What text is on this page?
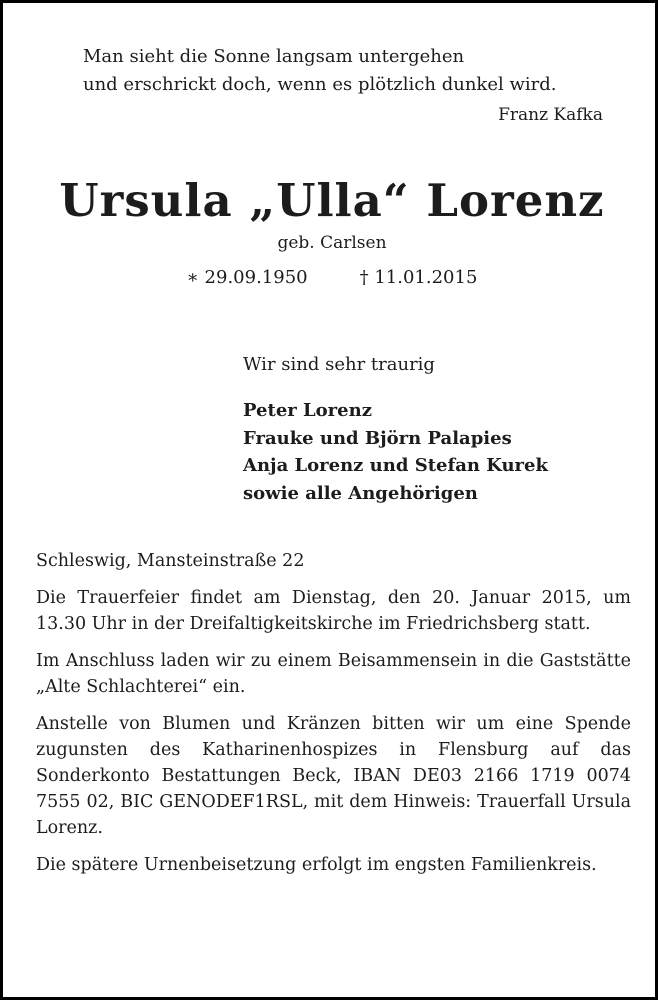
Man sieht die Sonne langsam untergehen
und erschrickt doch, wenn es plötzlich dunkel wird.
Franz Kafka
Ursula „Ulla“ Lorenz
geb. Carlsen
∗ 29.09.1950	† 11.01.2015
Wir sind sehr traurig
Peter Lorenz
Frauke und Björn Palapies
Anja Lorenz und Stefan Kurek
sowie alle Angehörigen

Schleswig, Mansteinstraße 22

Die Trauerfeier findet am Dienstag, den 20. Januar 2015, um 13.30 Uhr in der Dreifaltigkeitskirche im Friedrichsberg statt.

Im Anschluss laden wir zu einem Beisammensein in die Gaststätte „Alte Schlachterei“ ein.

Anstelle von Blumen und Kränzen bitten wir um eine Spende zugunsten des Katharinenhospizes in Flensburg auf das Sonderkonto Bestattungen Beck, IBAN DE03 2166 1719 0074 7555 02, BIC GENODEF1RSL, mit dem Hinweis: Trauerfall Ursula Lorenz.

Die spätere Urnenbeisetzung erfolgt im engsten Familienkreis.
